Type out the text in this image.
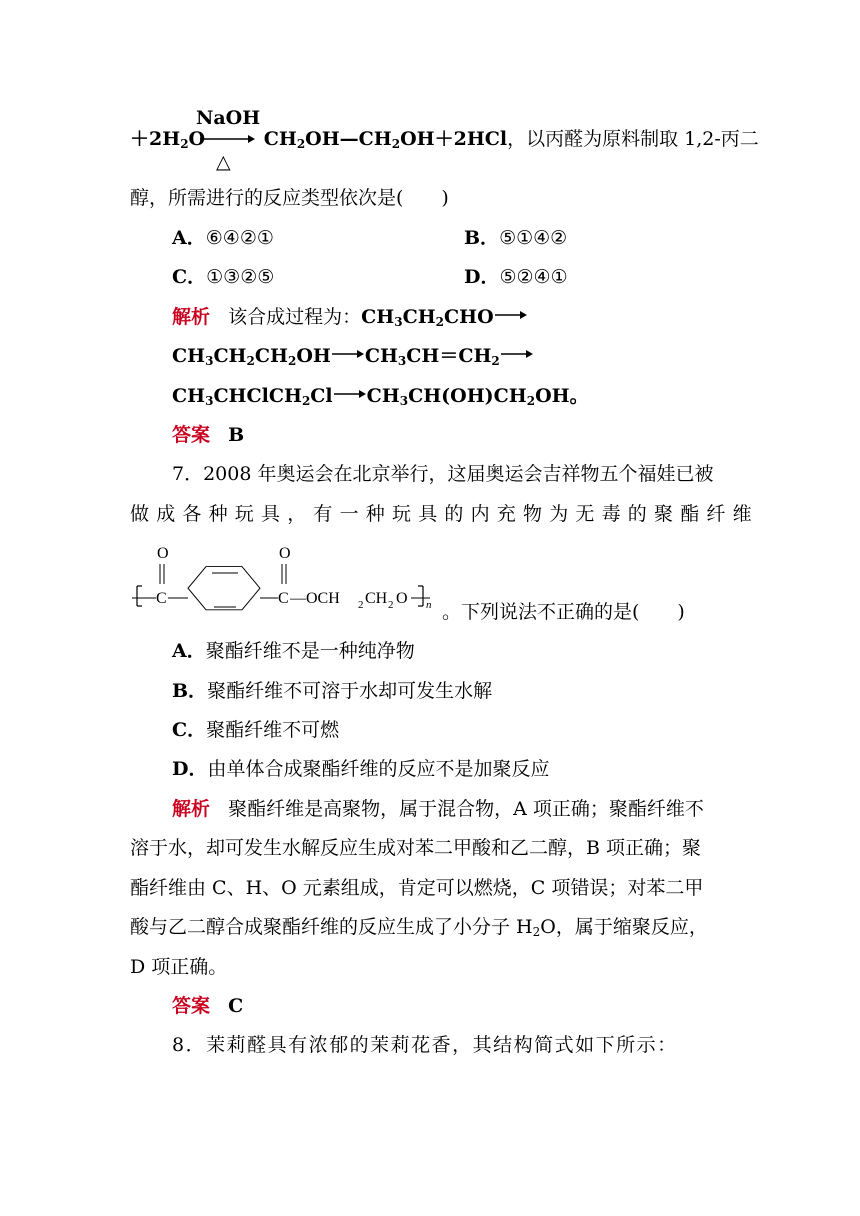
NaOH
$+2H_2O$	$CH_2OH—CH_2OH+2HCl$，以丙醛为原料制取 1,2-丙二
△
醇，所需进行的反应类型依次是(　　)
A．⑥④②①	B．⑤①④②
C．①③②⑤	D．⑤②④①
解析 该合成过程为：$CH_3CH_2CHO$
$CH_3CH_2CH_2OH$ $CH_3CH=CH_2$
$CH_3CHClCH_2Cl$ $CH_3CH(OH)CH_2OH$。
答案 B
7．2008 年奥运会在北京举行，这届奥运会吉祥物五个福娃已被
做成各种玩具，有一种玩具的内充物为无毒的聚酯纤维
O	O
C	C —OCH 2 CH 2 O n 。下列说法不正确的是(　　)
A．聚酯纤维不是一种纯净物
B．聚酯纤维不可溶于水却可发生水解
C．聚酯纤维不可燃
D．由单体合成聚酯纤维的反应不是加聚反应
解析 聚酯纤维是高聚物，属于混合物，A 项正确；聚酯纤维不
溶于水，却可发生水解反应生成对苯二甲酸和乙二醇，B 项正确；聚
酯纤维由 C、H、O 元素组成，肯定可以燃烧，C 项错误；对苯二甲
酸与乙二醇合成聚酯纤维的反应生成了小分子 $H_2O$，属于缩聚反应，
D 项正确。
答案 C
8．茉莉醛具有浓郁的茉莉花香，其结构简式如下所示：
